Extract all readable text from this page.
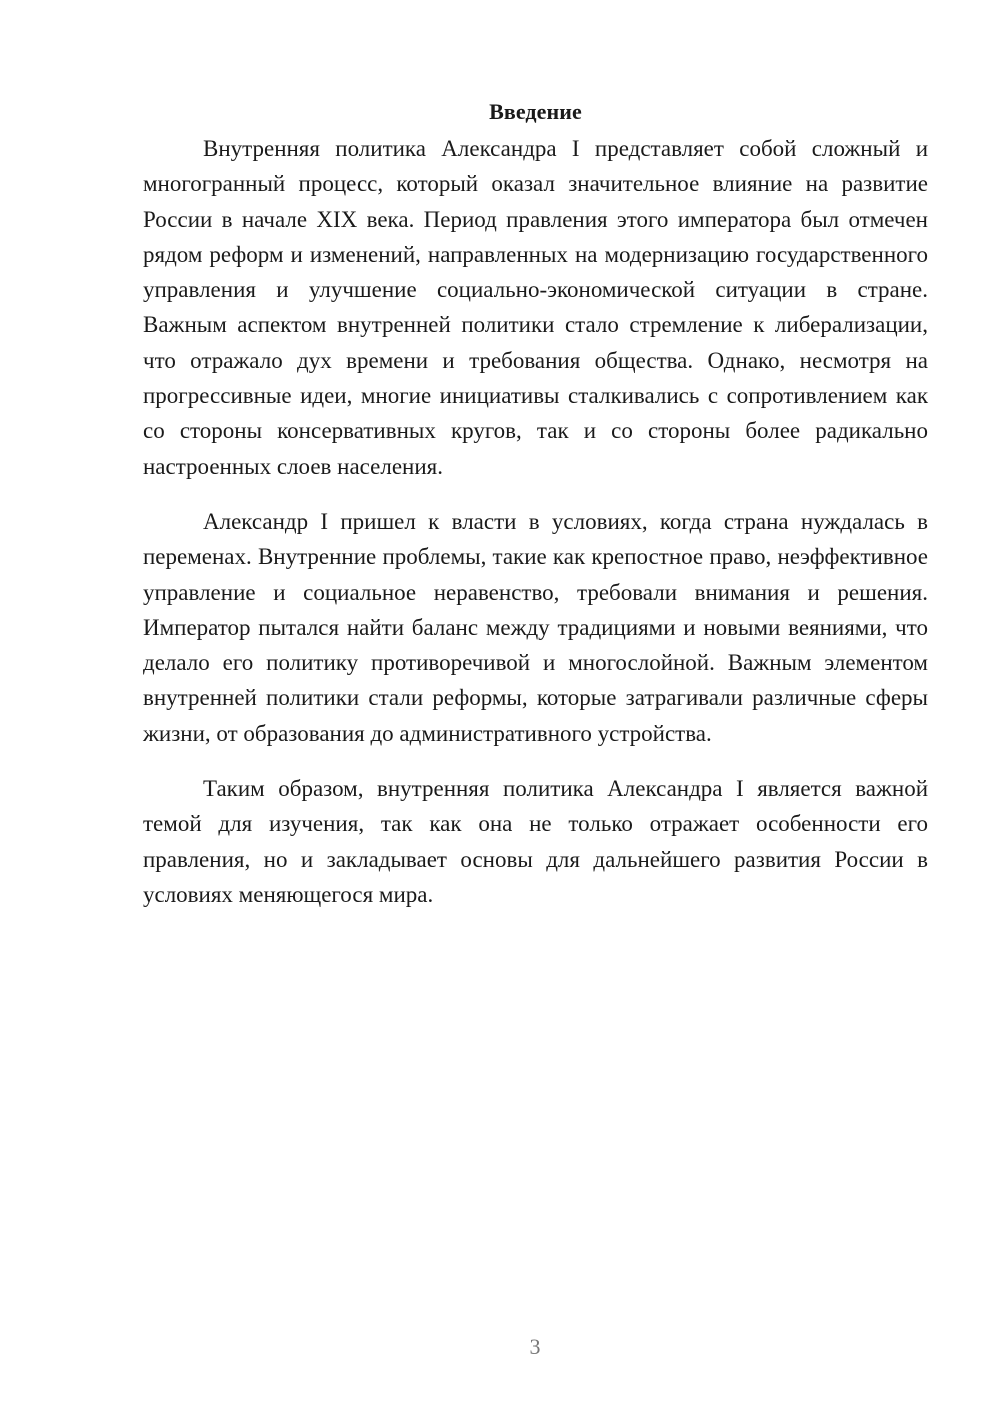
Введение

Внутренняя политика Александра I представляет собой сложный и многогранный процесс, который оказал значительное влияние на развитие России в начале XIX века. Период правления этого императора был отмечен рядом реформ и изменений, направленных на модернизацию государственного управления и улучшение социально-экономической ситуации в стране. Важным аспектом внутренней политики стало стремление к либерализации, что отражало дух времени и требования общества. Однако, несмотря на прогрессивные идеи, многие инициативы сталкивались с сопротивлением как со стороны консервативных кругов, так и со стороны более радикально настроенных слоев населения.

Александр I пришел к власти в условиях, когда страна нуждалась в переменах. Внутренние проблемы, такие как крепостное право, неэффективное управление и социальное неравенство, требовали внимания и решения. Император пытался найти баланс между традициями и новыми веяниями, что делало его политику противоречивой и многослойной. Важным элементом внутренней политики стали реформы, которые затрагивали различные сферы жизни, от образования до административного устройства.

Таким образом, внутренняя политика Александра I является важной темой для изучения, так как она не только отражает особенности его правления, но и закладывает основы для дальнейшего развития России в условиях меняющегося мира.

3
